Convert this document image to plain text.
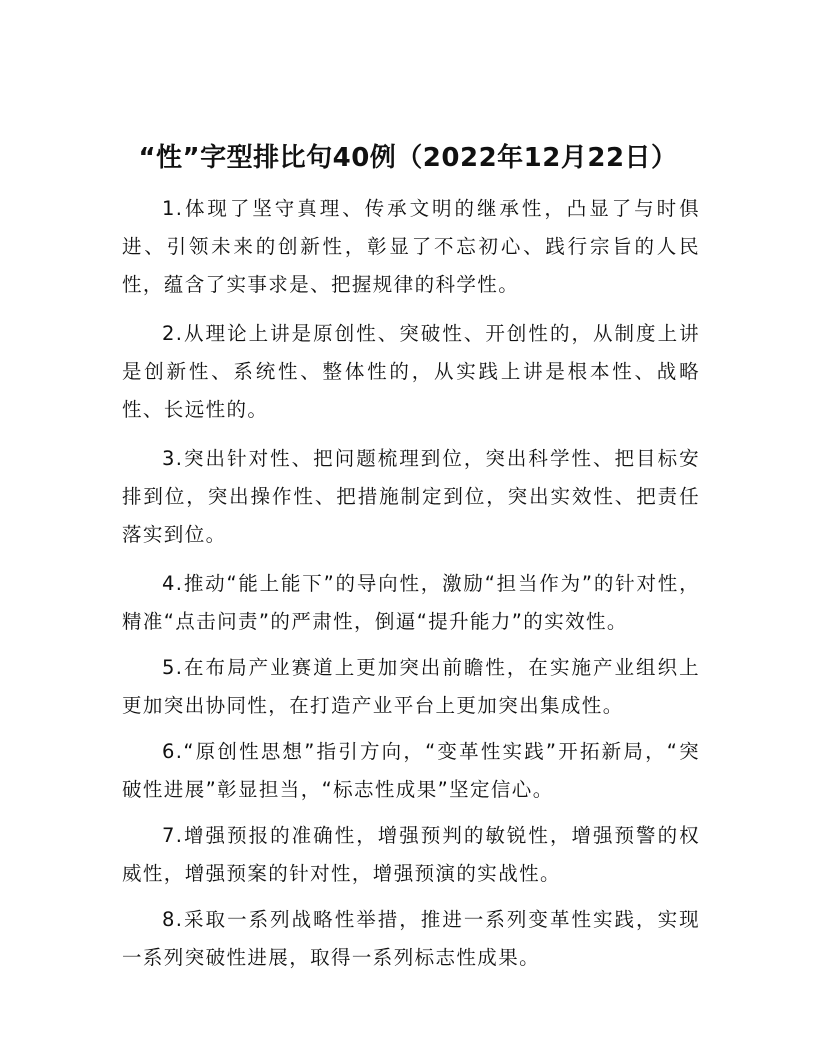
“性”字型排比句40例（2022年12月22日）

1.体现了坚守真理、传承文明的继承性，凸显了与时俱进、引领未来的创新性，彰显了不忘初心、践行宗旨的人民性，蕴含了实事求是、把握规律的科学性。

2.从理论上讲是原创性、突破性、开创性的，从制度上讲是创新性、系统性、整体性的，从实践上讲是根本性、战略性、长远性的。

3.突出针对性、把问题梳理到位，突出科学性、把目标安排到位，突出操作性、把措施制定到位，突出实效性、把责任落实到位。

4.推动“能上能下”的导向性，激励“担当作为”的针对性，精准“点击问责”的严肃性，倒逼“提升能力”的实效性。

5.在布局产业赛道上更加突出前瞻性，在实施产业组织上更加突出协同性，在打造产业平台上更加突出集成性。

6.“原创性思想”指引方向，“变革性实践”开拓新局，“突破性进展”彰显担当，“标志性成果”坚定信心。

7.增强预报的准确性，增强预判的敏锐性，增强预警的权威性，增强预案的针对性，增强预演的实战性。

8.采取一系列战略性举措，推进一系列变革性实践，实现一系列突破性进展，取得一系列标志性成果。
